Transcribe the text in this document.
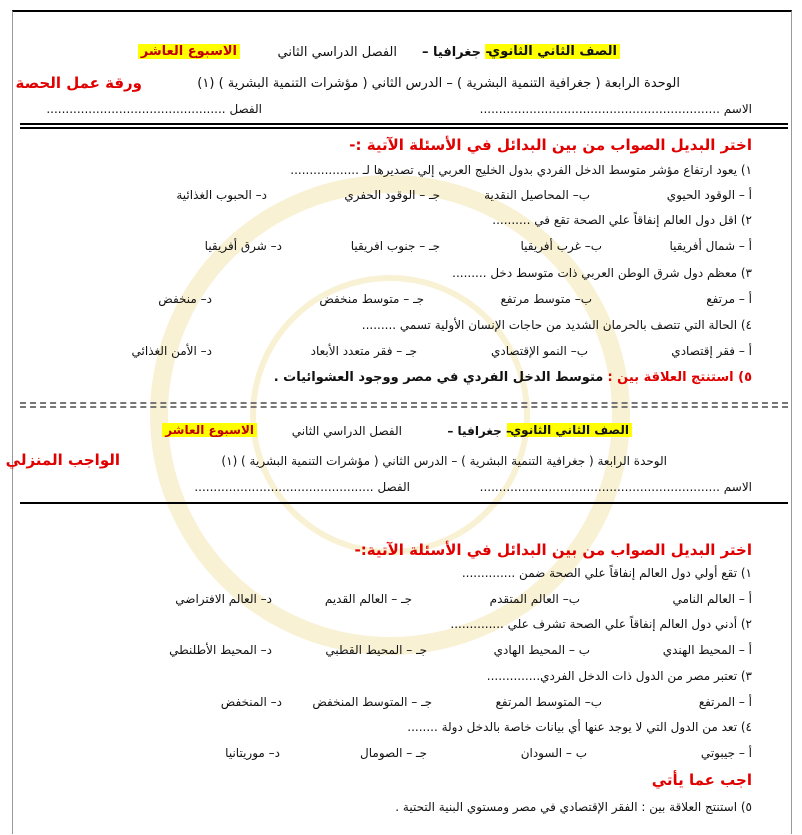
الصف الثاني الثانوي
– جغرافيا –
الفصل الدراسي الثاني
الاسبوع العاشر
الوحدة الرابعة ( جغرافية التنمية البشرية ) – الدرس الثاني ( مؤشرات التنمية البشرية ) (١)
ورقة عمل الحصة
الاسم ...............................................................
الفصل ...............................................
اختر البديل الصواب من بين البدائل في الأسئلة الآتية :-
١) يعود ارتفاع مؤشر متوسط الدخل الفردي بدول الخليج العربي إلي تصديرها لـ ..................
أ – الوقود الحيوي
ب– المحاصيل النقدية
جـ – الوقود الحفري
د– الحبوب الغذائية
٢) اقل دول العالم إنفاقاً علي الصحة تقع في ..........
أ – شمال أفريقيا
ب– غرب أفريقيا
جـ – جنوب افريقيا
د– شرق أفريقيا
٣) معظم دول شرق الوطن العربي ذات متوسط دخل .........
أ – مرتفع
ب– متوسط مرتفع
جـ – متوسط منخفض
د– منخفض
٤) الحالة التي تتصف بالحرمان الشديد من حاجات الإنسان الأولية تسمي .........
أ – فقر إقتصادي
ب– النمو الإقتصادي
جـ – فقر متعدد الأبعاد
د– الأمن الغذائي
٥) استنتج العلاقة بين : متوسط الدخل الفردي في مصر ووجود العشوائيات .
الصف الثاني الثانوي
– جغرافيا –
الفصل الدراسي الثاني
الاسبوع العاشر
الوحدة الرابعة ( جغرافية التنمية البشرية ) – الدرس الثاني ( مؤشرات التنمية البشرية ) (١)
الواجب المنزلي
الاسم ...............................................................
الفصل ...............................................
اختر البديل الصواب من بين البدائل في الأسئلة الآتية:-
١) تقع أولي دول العالم إنفاقاً علي الصحة ضمن ..............
أ – العالم النامي
ب– العالم المتقدم
جـ – العالم القديم
د– العالم الافتراضي
٢) أدني دول العالم إنفاقاً علي الصحة تشرف علي ..............
أ – المحيط الهندي
ب – المحيط الهادي
جـ – المحيط القطبي
د– المحيط الأطلنطي
٣) تعتبر مصر من الدول ذات الدخل الفردي..............
أ – المرتفع
ب– المتوسط المرتفع
جـ – المتوسط المنخفض
د– المنخفض
٤) تعد من الدول التي لا يوجد عنها أي بيانات خاصة بالدخل دولة ........
أ – جيبوتي
ب – السودان
جـ – الصومال
د– موريتانيا
اجب عما يأتي
٥) استنتج العلاقة بين : الفقر الإقتصادي في مصر ومستوي البنية التحتية .
